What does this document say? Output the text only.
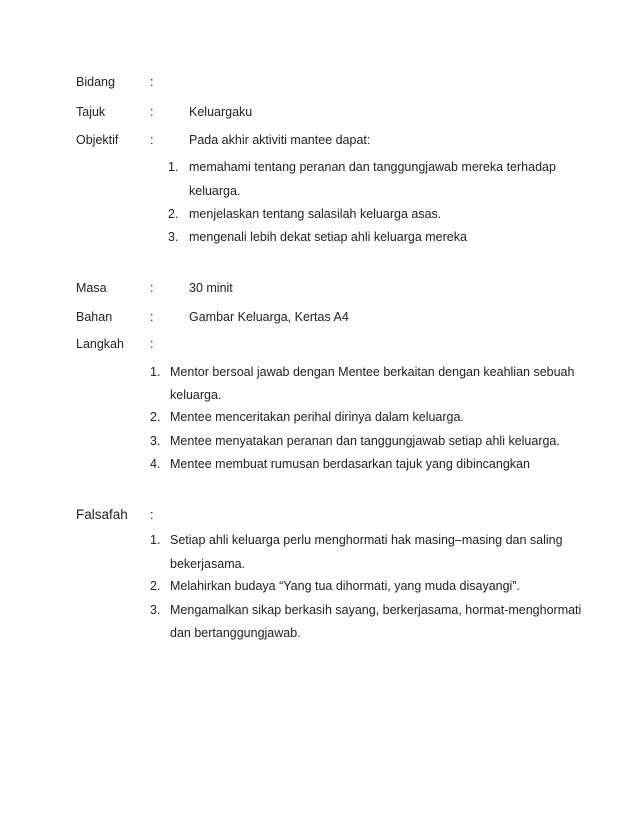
Bidang	:
Tajuk	:	Keluargaku
Objektif	:	Pada akhir aktiviti mantee dapat:
1. memahami tentang peranan dan tanggungjawab mereka terhadap
keluarga.
2. menjelaskan tentang salasilah keluarga asas.
3. mengenali lebih dekat setiap ahli keluarga mereka
Masa	:	30 minit
Bahan	:	Gambar Keluarga, Kertas A4
Langkah :
1. Mentor bersoal jawab dengan Mentee berkaitan dengan keahlian sebuah
keluarga.
2. Mentee menceritakan perihal dirinya dalam keluarga.
3. Mentee menyatakan peranan dan tanggungjawab setiap ahli keluarga.
4. Mentee membuat rumusan berdasarkan tajuk yang dibincangkan
Falsafah :
1. Setiap ahli keluarga perlu menghormati hak masing–masing dan saling
bekerjasama.
2. Melahirkan budaya “Yang tua dihormati, yang muda disayangi”.
3. Mengamalkan sikap berkasih sayang, berkerjasama, hormat-menghormati
dan bertanggungjawab.
